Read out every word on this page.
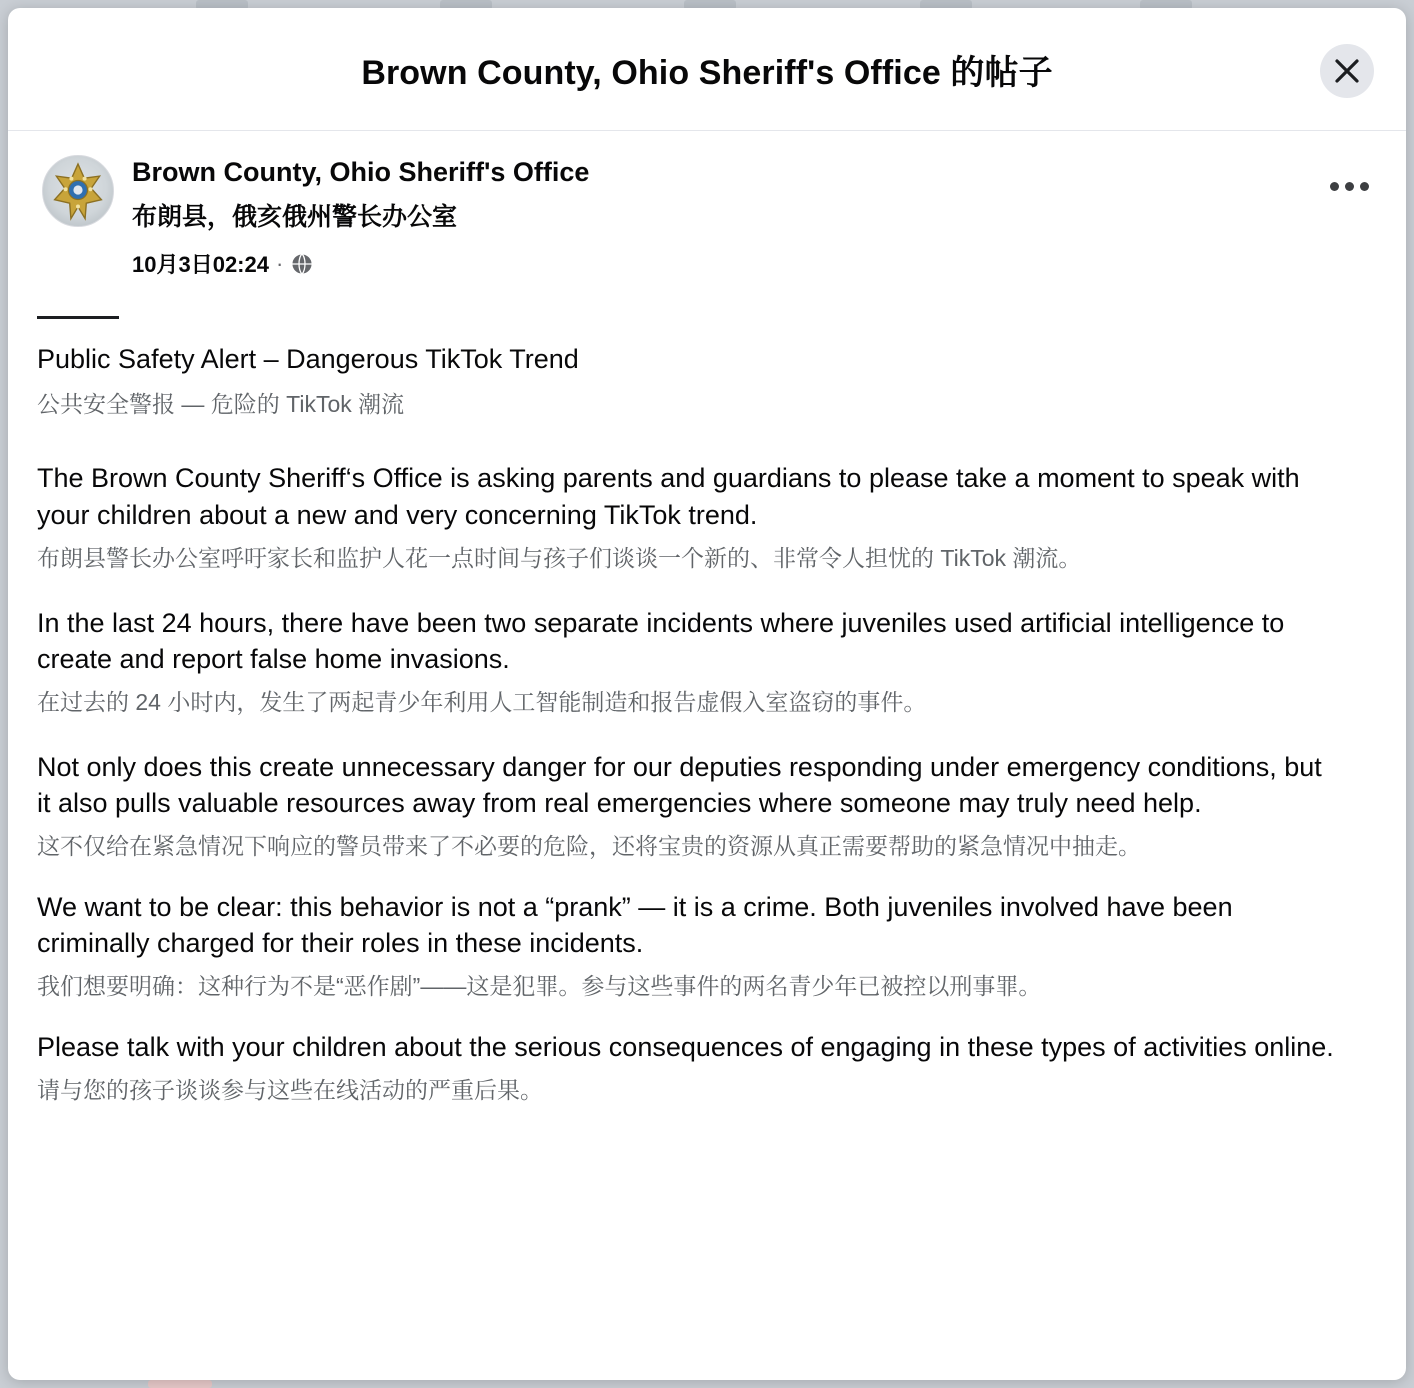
Brown County, Ohio Sheriff's Office 的帖子
Brown County, Ohio Sheriff's Office
布朗县，俄亥俄州警长办公室
10月3日02:24 ·

Public Safety Alert – Dangerous TikTok Trend

公共安全警报 — 危险的 TikTok 潮流

The Brown County Sheriff‘s Office is asking parents and guardians to please take a moment to speak with your children about a new and very concerning TikTok trend.

布朗县警长办公室呼吁家长和监护人花一点时间与孩子们谈谈一个新的、非常令人担忧的 TikTok 潮流。

In the last 24 hours, there have been two separate incidents where juveniles used artificial intelligence to create and report false home invasions.

在过去的 24 小时内，发生了两起青少年利用人工智能制造和报告虚假入室盗窃的事件。

Not only does this create unnecessary danger for our deputies responding under emergency conditions, but it also pulls valuable resources away from real emergencies where someone may truly need help.

这不仅给在紧急情况下响应的警员带来了不必要的危险，还将宝贵的资源从真正需要帮助的紧急情况中抽走。

We want to be clear: this behavior is not a “prank” — it is a crime. Both juveniles involved have been criminally charged for their roles in these incidents.

我们想要明确：这种行为不是“恶作剧”——这是犯罪。参与这些事件的两名青少年已被控以刑事罪。

Please talk with your children about the serious consequences of engaging in these types of activities online.

请与您的孩子谈谈参与这些在线活动的严重后果。
